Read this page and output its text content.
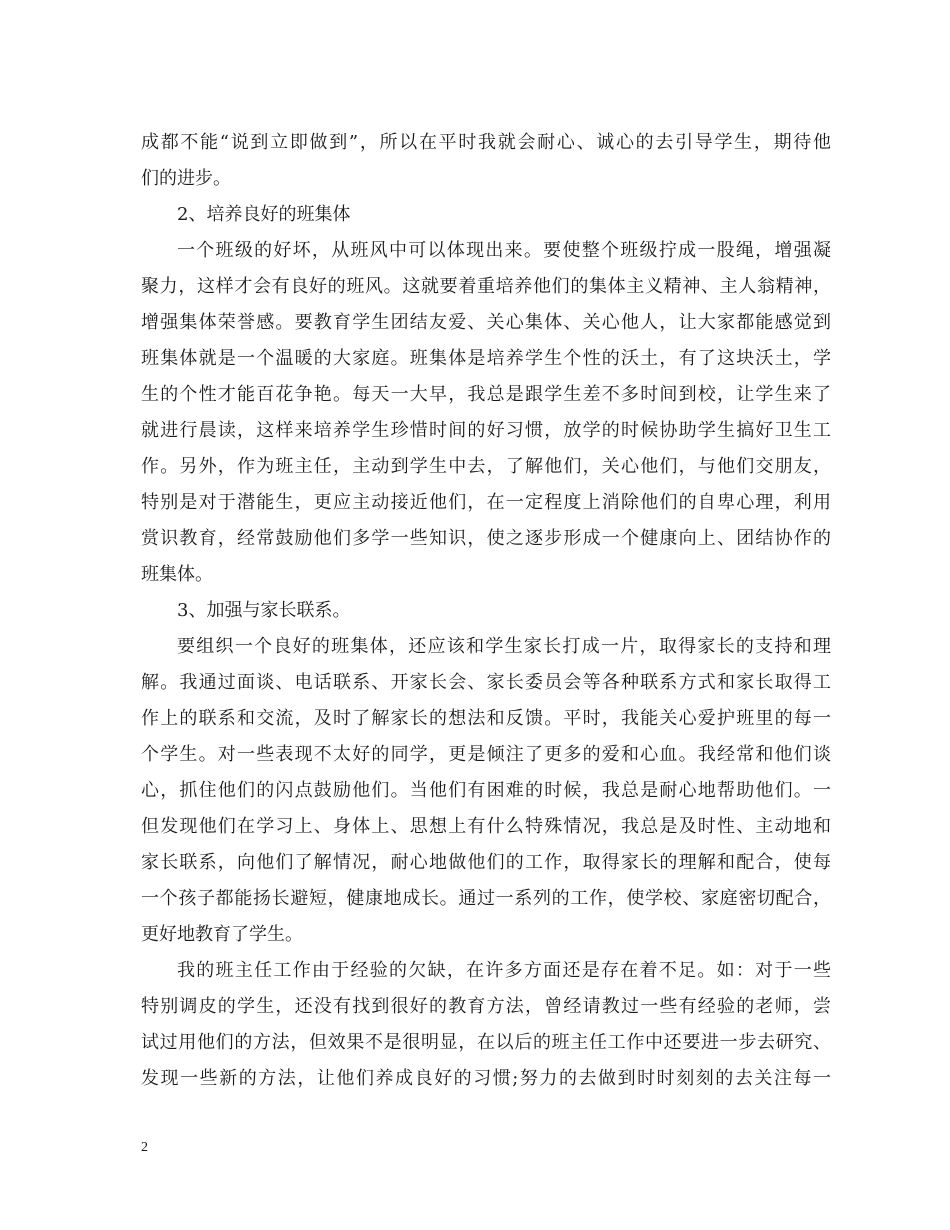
成都不能“说到立即做到”，所以在平时我就会耐心、诚心的去引导学生，期待他
们的进步。
2、培养良好的班集体
一个班级的好坏，从班风中可以体现出来。要使整个班级拧成一股绳，增强凝
聚力，这样才会有良好的班风。这就要着重培养他们的集体主义精神、主人翁精神，
增强集体荣誉感。要教育学生团结友爱、关心集体、关心他人，让大家都能感觉到
班集体就是一个温暖的大家庭。班集体是培养学生个性的沃土，有了这块沃土，学
生的个性才能百花争艳。每天一大早，我总是跟学生差不多时间到校，让学生来了
就进行晨读，这样来培养学生珍惜时间的好习惯，放学的时候协助学生搞好卫生工
作。另外，作为班主任，主动到学生中去，了解他们，关心他们，与他们交朋友，
特别是对于潜能生，更应主动接近他们，在一定程度上消除他们的自卑心理，利用
赏识教育，经常鼓励他们多学一些知识，使之逐步形成一个健康向上、团结协作的
班集体。
3、加强与家长联系。
要组织一个良好的班集体，还应该和学生家长打成一片，取得家长的支持和理
解。我通过面谈、电话联系、开家长会、家长委员会等各种联系方式和家长取得工
作上的联系和交流，及时了解家长的想法和反馈。平时，我能关心爱护班里的每一
个学生。对一些表现不太好的同学，更是倾注了更多的爱和心血。我经常和他们谈
心，抓住他们的闪点鼓励他们。当他们有困难的时候，我总是耐心地帮助他们。一
但发现他们在学习上、身体上、思想上有什么特殊情况，我总是及时性、主动地和
家长联系，向他们了解情况，耐心地做他们的工作，取得家长的理解和配合，使每
一个孩子都能扬长避短，健康地成长。通过一系列的工作，使学校、家庭密切配合，
更好地教育了学生。
我的班主任工作由于经验的欠缺，在许多方面还是存在着不足。如：对于一些
特别调皮的学生，还没有找到很好的教育方法，曾经请教过一些有经验的老师，尝
试过用他们的方法，但效果不是很明显，在以后的班主任工作中还要进一步去研究、
发现一些新的方法，让他们养成良好的习惯;努力的去做到时时刻刻的去关注每一
2
